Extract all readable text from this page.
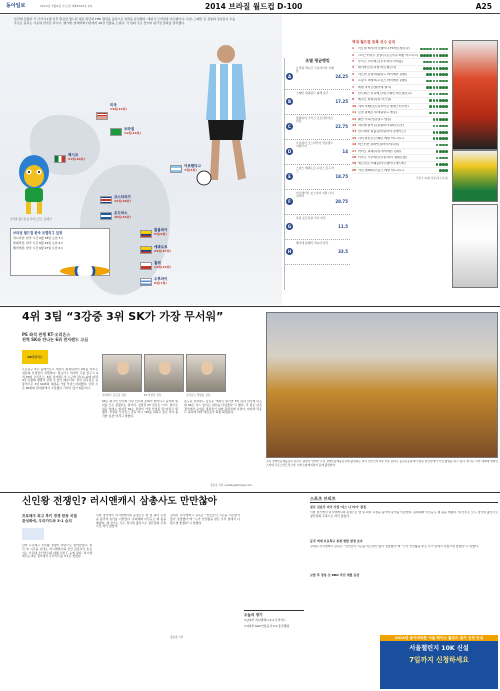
동아일보	2014년 3월9일 수요일 제28706호 [5]	2014 브라질 월드컵 D-100	A25
본선에 진출한 각 국가가 1월 이후 발표한 월드컵 대표 명단과 FIFA 랭킹을 중심으로 전력을 분석했다. 개최국 브라질과 아르헨티나, 독일, 스페인 등 전통의 강호들이 우승 후보로 꼽히는 가운데 한국은 러시아, 벨기에, 알제리와 H조에서 16강 진출을 노린다. 각 팀의 주요 선수와 평가전 결과를 정리했다.
멕시코
21위(20위)
브라질
11위(13위)
콜롬비아
5위(8위)
에콰도르
25위(37위)
칠레
14위(15위)
우루과이
6위(7위)
아르헨티나
7위(3위)
코스타리카
32위(28위)
온두라스
40위(34위)
미국
14위(13위)
브라질 월드컵 공식 마스코트 '풀레코'
브라질 월드컵 한국 조별리그 일정
러시아전: 한국 시간 6월 18일 오전 7시
알제리전: 한국 시간 6월 23일 오전 4시
벨기에전: 한국 시간 6월 27일 오전 5시
조별 평균랭킹
A
브라질 멕시코 크로아티아 카메룬
24.25
B
스페인 네덜란드 칠레 호주
17.25
C
콜롬비아 그리스 코트디부아르 일본
22.75
D
우루과이 코스타리카 잉글랜드 이탈리아
14
E
스위스 에콰도르 프랑스 온두라스
18.75
F
아르헨티나 보스니아 이란 나이지리아
28.75
G
독일 포르투갈 가나 미국
11.5
H
벨기에 알제리 러시아 한국
33.5
역대 월드컵 등록 선수 순위
1	리오넬 메시(아르헨티나·FC바르셀로나)
2	크리스티아누 호날두(포르투갈·레알 마드리드)
3	루이스 수아레스(우루과이·리버풀)
4	네이마르(브라질·바르셀로나)
5	아르연 로번(네덜란드·바이에른 뮌헨)
6	프랑크 리베리(프랑스·바이에른 뮌헨)
7	에덴 아자르(벨기에·첼시)
8	안드레스 이니에스타(스페인·바르셀로나)
9	메주트 외질(독일·아스널)
10 야야 투레(코트디부아르·맨체스터시티)
11 로빈 판페르시(네덜란드·맨유)
12 웨인 루니(잉글랜드·맨유)
13 라다멜 팔카오(콜롬비아·AS모나코)
14 안드레아 피를로(이탈리아·유벤투스)
15 사비 알론소(스페인·레알 마드리드)
16 바스티안 슈바인슈타이거(독일)
17 마리오 괴체(독일·바이에른 뮌헨)
18 티아구 시우바(브라질·파리 생제르맹)
19 세르히오 아궤로(아르헨티나·맨시티)
20 카림 벤제마(프랑스·레알 마드리드)
전문가 10명 설문(복수응답)
4위 3팀 “3강중 3위 SK가 가장 무서워”
PS 좌석 전쟁 KT·오리온스
전력 SK와 만나는 6위 전자랜드 고심
KB국민카드
전자랜드 유도훈 감독	KT 전창진 감독	오리온스 추일승 감독
프로농구 6강 플레이오프 대진이 확정되면서 4위를 다투는 팀들의 신경전이 치열하다. 정규리그 마지막 주를 앞두고 4위 KT와 오리온스, 6위 전자랜드가 누구와 만나느냐에 따라 4강 진출의 향방이 갈릴 수 있기 때문이다. 특히 감독들은 공통적으로 3위 SK와의 대결을 가장 부담스러워했다. 이번 시즌 SK와의 맞대결에서 고전했던 기억이 있기 때문이다.
SK는 외국인 선수와 국내 선수의 조화가 뛰어나고 높이와 외곽을 모두 갖췄다는 평가다. 전창진 KT 감독은 “어느 팀이든 쉬운 상대는 없지만 SK는 전력이 가장 안정된 팀”이라고 말했다. 추일승 오리온스 감독 역시 “SK를 피하고 싶은 것이 솔직한 심정”이라고 밝혔다.
유도훈 전자랜드 감독은 “6위로 밀리면 3위 팀과 만나게 되는데 SK든 어느 팀이든 최선을 다하겠다”고 했다. 각 팀은 남은 경기에서 순위를 결정짓기 위한 총력전에 나선다. 마지막 라운드 결과에 따라 대진표가 최종 확정된다.
김동욱 기자 creating@donga.com
소치 장애인동계올림픽 선수단 출정식 안에서 소치 장애인동계올림픽에 출전하는 한국 선수단이 9일 서울 송파구 올림픽공원에서 열린 결단식에서 기념 촬영을 하고 있다. 한국은 이번 대회에 알파인스키와 크로스컨트리스키, 아이스슬레지하키 등에 출전한다.
신인왕 전쟁인? 러시앤캐시 삼총사도 만만찮아
프로배구 최고 루키 경쟁 한창 치열
관성화에, 우리카드와 3-1 승리
남자 프로배구 신인왕 경쟁이 막판으로 접어들었다. 창단 첫 시즌을 보내는 러시앤캐시의 신인 삼총사가 돋보이는 가운데 우리카드의 대형 신인도 눈에 띈다. 러시앤캐시는 9일 경기에서 우리카드를 3-1로 꺾었다.
이날 경기에서 러시앤캐시의 송명근은 양 팀 최다 득점을 올리며 승리를 이끌었다. 송희채와 이민규도 제 몫을 해냈다. 세 선수는 모두 경기대 출신으로 창단팀의 주축으로 자리 잡았다.
김세진 러시앤캐시 감독은 “신인들이 시즌을 치르면서 많이 성장했다”며 “누가 신인왕을 받든 우리 팀에서 나왔으면 좋겠다”고 말했다.
정윤철 기자
오늘의 경기
▽남자부 러시앤캐시 3-1 우리카드
▽여자부 KGC인삼공사 3-2 흥국생명
스포츠 브리프
골프 김효주 미국 가정 ‘타스 나 마이’ 결정
이날 경기에서 러시앤캐시의 송명근은 양 팀 최다 득점을 올리며 승리를 이끌었다. 송희채와 이민규도 제 몫을 해냈다. 세 선수는 모두 경기대 출신으로 창단팀의 주축으로 자리 잡았다.
동국 역대 프로축구 본관 쌍탑 결정 조속
김세진 러시앤캐시 감독은 “신인들이 시즌을 치르면서 많이 성장했다”며 “누가 신인왕을 받든 우리 팀에서 나왔으면 좋겠다”고 말했다.
보합 후 정성 조 KBO 추선 세월 등장
2014년 동아마라톤 서울 레이스 풀코스 참가 신청 안내
서울챌린지 10K 신설
7일까지 신청하세요
